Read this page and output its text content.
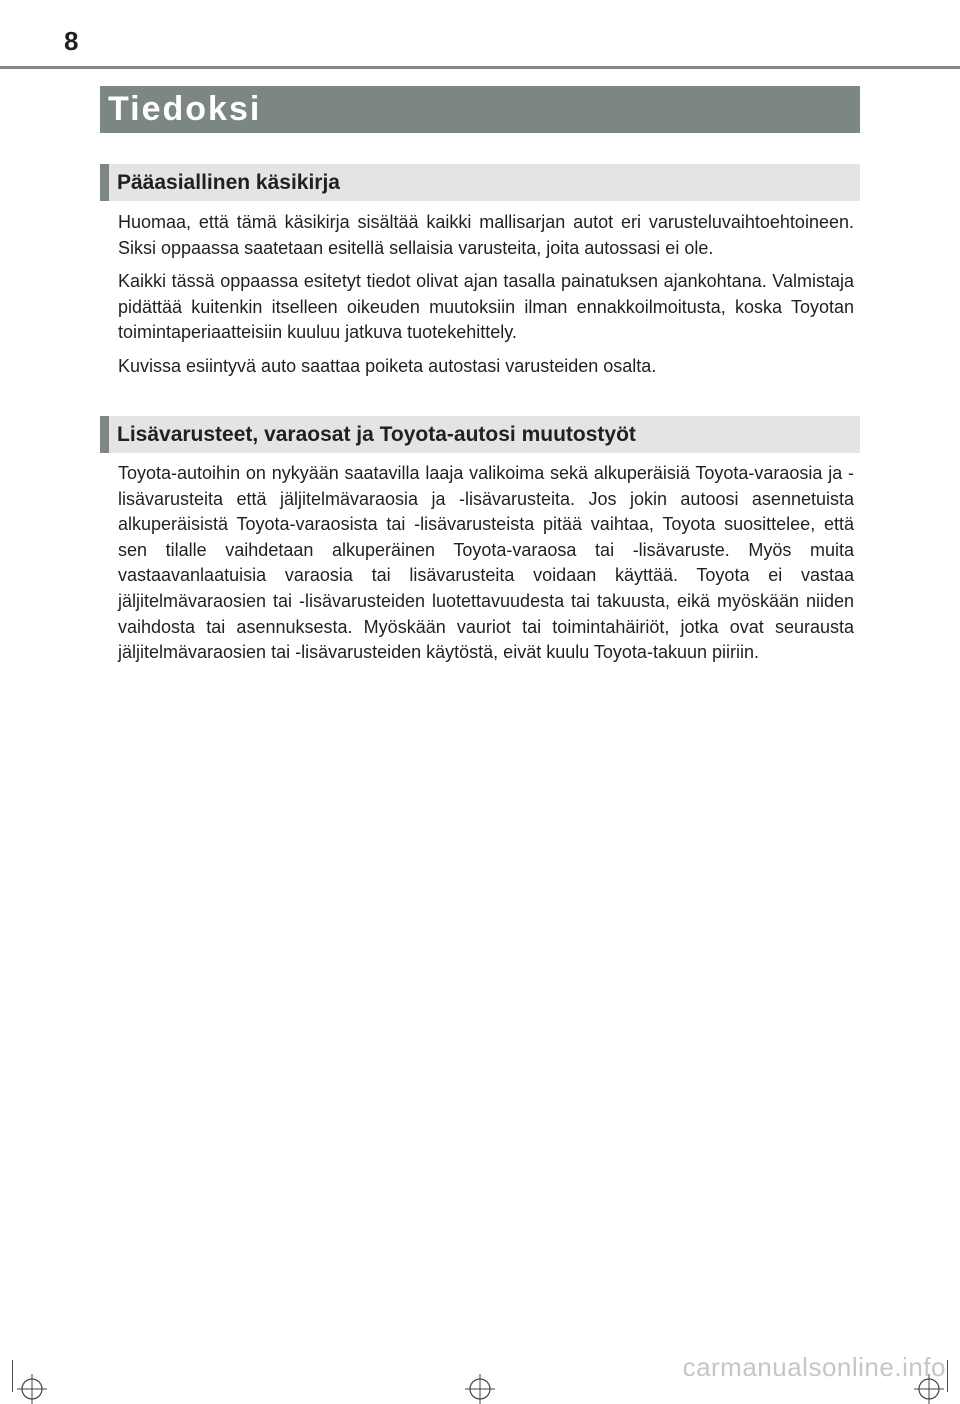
8
Tiedoksi
Pääasiallinen käsikirja

Huomaa, että tämä käsikirja sisältää kaikki mallisarjan autot eri varusteluvaihtoehtoineen. Siksi oppaassa saatetaan esitellä sellaisia varusteita, joita autossasi ei ole.

Kaikki tässä oppaassa esitetyt tiedot olivat ajan tasalla painatuksen ajankohtana. Valmistaja pidättää kuitenkin itselleen oikeuden muutoksiin ilman ennakkoilmoitusta, koska Toyotan toimintaperiaatteisiin kuuluu jatkuva tuotekehittely.

Kuvissa esiintyvä auto saattaa poiketa autostasi varusteiden osalta.

Lisävarusteet, varaosat ja Toyota-autosi muutostyöt

Toyota-autoihin on nykyään saatavilla laaja valikoima sekä alkuperäisiä Toyota-varaosia ja -lisävarusteita että jäljitelmävaraosia ja -lisävarusteita. Jos jokin autoosi asennetuista alkuperäisistä Toyota-varaosista tai -lisävarusteista pitää vaihtaa, Toyota suosittelee, että sen tilalle vaihdetaan alkuperäinen Toyota-varaosa tai -lisävaruste. Myös muita vastaavanlaatuisia varaosia tai lisävarusteita voidaan käyttää. Toyota ei vastaa jäljitelmävaraosien tai -lisävarusteiden luotettavuudesta tai takuusta, eikä myöskään niiden vaihdosta tai asennuksesta. Myöskään vauriot tai toimintahäiriöt, jotka ovat seurausta jäljitelmävaraosien tai -lisävarusteiden käytöstä, eivät kuulu Toyota-takuun piiriin.

carmanualsonline.info
